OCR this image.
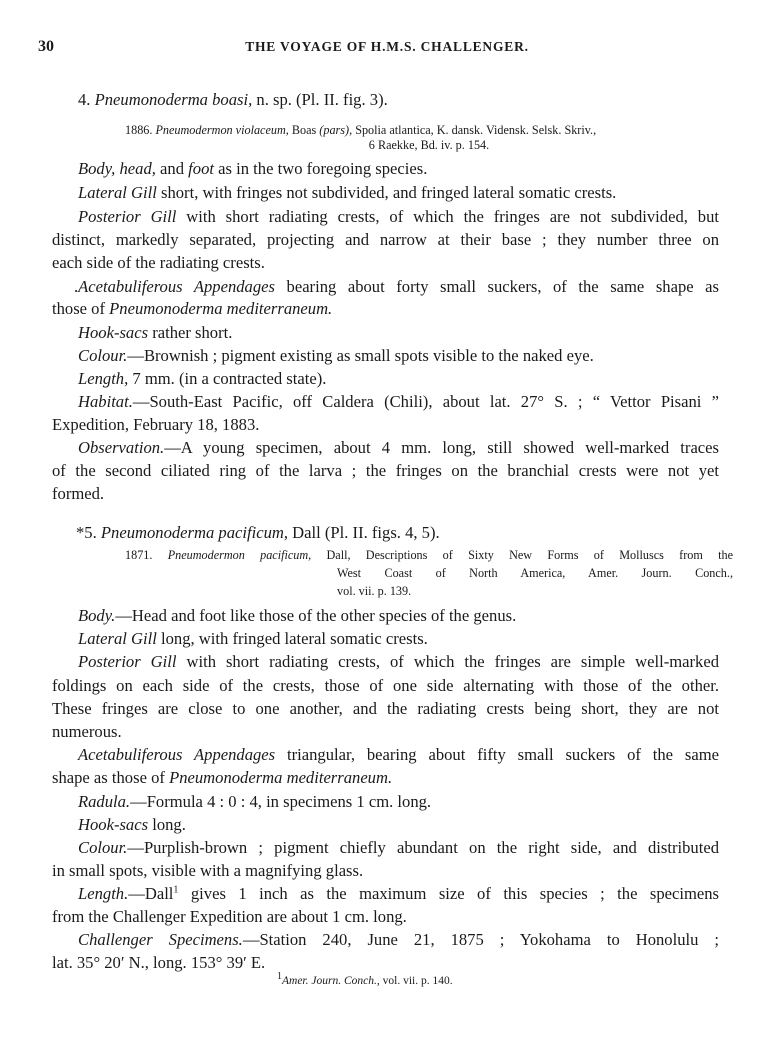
30	THE VOYAGE OF H.M.S. CHALLENGER.
4. Pneumonoderma boasi, n. sp. (Pl. II. fig. 3).
1886. Pneumodermon violaceum, Boas (pars), Spolia atlantica, K. dansk. Vidensk. Selsk. Skriv.,
6 Raekke, Bd. iv. p. 154.
Body, head, and foot as in the two foregoing species.
Lateral Gill short, with fringes not subdivided, and fringed lateral somatic crests.
Posterior Gill with short radiating crests, of which the fringes are not subdivided, but
distinct, markedly separated, projecting and narrow at their base ; they number three on
each side of the radiating crests.
.Acetabuliferous Appendages bearing about forty small suckers, of the same shape as
those of Pneumonoderma mediterraneum.
Hook-sacs rather short.
Colour.—Brownish ; pigment existing as small spots visible to the naked eye.
Length, 7 mm. (in a contracted state).
Habitat.—South-East Pacific, off Caldera (Chili), about lat. 27° S. ; “ Vettor Pisani ”
Expedition, February 18, 1883.
Observation.—A young specimen, about 4 mm. long, still showed well-marked traces
of the second ciliated ring of the larva ; the fringes on the branchial crests were not yet
formed.
*5. Pneumonoderma pacificum, Dall (Pl. II. figs. 4, 5).
1871. Pneumodermon pacificum, Dall, Descriptions of Sixty New Forms of Molluscs from the
West Coast of North America, Amer. Journ. Conch.,
vol. vii. p. 139.
Body.—Head and foot like those of the other species of the genus.
Lateral Gill long, with fringed lateral somatic crests.
Posterior Gill with short radiating crests, of which the fringes are simple well-marked
foldings on each side of the crests, those of one side alternating with those of the other.
These fringes are close to one another, and the radiating crests being short, they are not
numerous.
Acetabuliferous Appendages triangular, bearing about fifty small suckers of the same
shape as those of Pneumonoderma mediterraneum.
Radula.—Formula 4 : 0 : 4, in specimens 1 cm. long.
Hook-sacs long.
Colour.—Purplish-brown ; pigment chiefly abundant on the right side, and distributed
in small spots, visible with a magnifying glass.
Length.—Dall$^1$ gives 1 inch as the maximum size of this species ; the specimens
from the Challenger Expedition are about 1 cm. long.
Challenger Specimens.—Station 240, June 21, 1875 ; Yokohama to Honolulu ;
lat. 35° 20′ N., long. 153° 39′ E.
$^1$Amer. Journ. Conch., vol. vii. p. 140.
